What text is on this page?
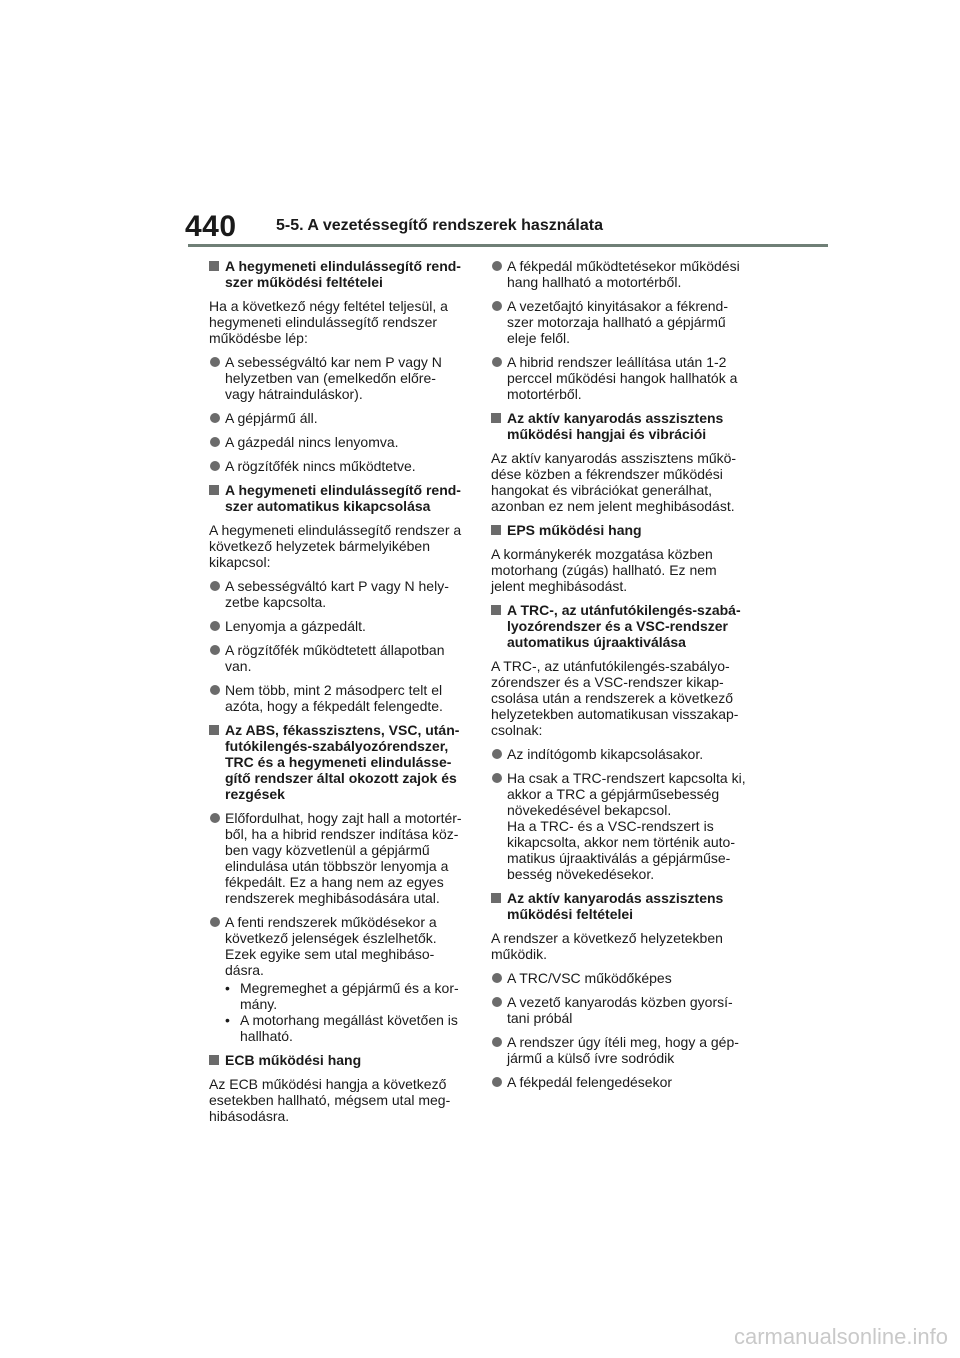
440 5-5. A vezetéssegítő rendszerek használata
A hegymeneti elindulássegítő rend-szer működési feltételei
Ha a következő négy feltétel teljesül, a hegymeneti elindulássegítő rendszer működésbe lép:
A sebességváltó kar nem P vagy N helyzetben van (emelkedőn előre- vagy hátrainduláskor).
A gépjármű áll.
A gázpedál nincs lenyomva.
A rögzítőfék nincs működtetve.
A hegymeneti elindulássegítő rend-szer automatikus kikapcsolása
A hegymeneti elindulássegítő rendszer a következő helyzetek bármelyikében kikapcsol:
A sebességváltó kart P vagy N hely-zetbe kapcsolta.
Lenyomja a gázpedált.
A rögzítőfék működtetett állapotban van.
Nem több, mint 2 másodperc telt el azóta, hogy a fékpedált felengedte.
Az ABS, fékasszisztens, VSC, után-futókilengés-szabályozórendszer, TRC és a hegymeneti elindulásse-gítő rendszer által okozott zajok és rezgések
Előfordulhat, hogy zajt hall a motortér-ből, ha a hibrid rendszer indítása köz-ben vagy közvetlenül a gépjármű elindulása után többször lenyomja a fékpedált. Ez a hang nem az egyes rendszerek meghibásodására utal.
A fenti rendszerek működésekor a következő jelenségek észlelhetők. Ezek egyike sem utal meghibáso-dásra.
• Megremeghet a gépjármű és a kor-mány.
• A motorhang megállást követően is hallható.
ECB működési hang
Az ECB működési hangja a következő esetekben hallható, mégsem utal meg-hibásodásra.
A fékpedál működtetésekor működési hang hallható a motortérből.
A vezetőajtó kinyitásakor a fékrend-szer motorzaja hallható a gépjármű eleje felől.
A hibrid rendszer leállítása után 1-2 perccel működési hangok hallhatók a motortérből.
Az aktív kanyarodás asszisztens működési hangjai és vibrációi
Az aktív kanyarodás asszisztens műkö-dése közben a fékrendszer működési hangokat és vibrációkat generálhat, azonban ez nem jelent meghibásodást.
EPS működési hang
A kormánykerék mozgatása közben motorhang (zúgás) hallható. Ez nem jelent meghibásodást.
A TRC-, az utánfutókilengés-szabá-lyozórendszer és a VSC-rendszer automatikus újraaktiválása
A TRC-, az utánfutókilengés-szabályo-zórendszer és a VSC-rendszer kikap-csolása után a rendszerek a következő helyzetekben automatikusan visszakap-csolnak:
Az indítógomb kikapcsolásakor.
Ha csak a TRC-rendszert kapcsolta ki, akkor a TRC a gépjárműsebesség növekedésével bekapcsol.
Ha a TRC- és a VSC-rendszert is kikapcsolta, akkor nem történik auto-matikus újraaktiválás a gépjárműse-besség növekedésekor.
Az aktív kanyarodás asszisztens működési feltételei
A rendszer a következő helyzetekben működik.
A TRC/VSC működőképes
A vezető kanyarodás közben gyorsí-tani próbál
A rendszer úgy ítéli meg, hogy a gép-jármű a külső ívre sodródik
A fékpedál felengedésekor
carmanualsonline.info
